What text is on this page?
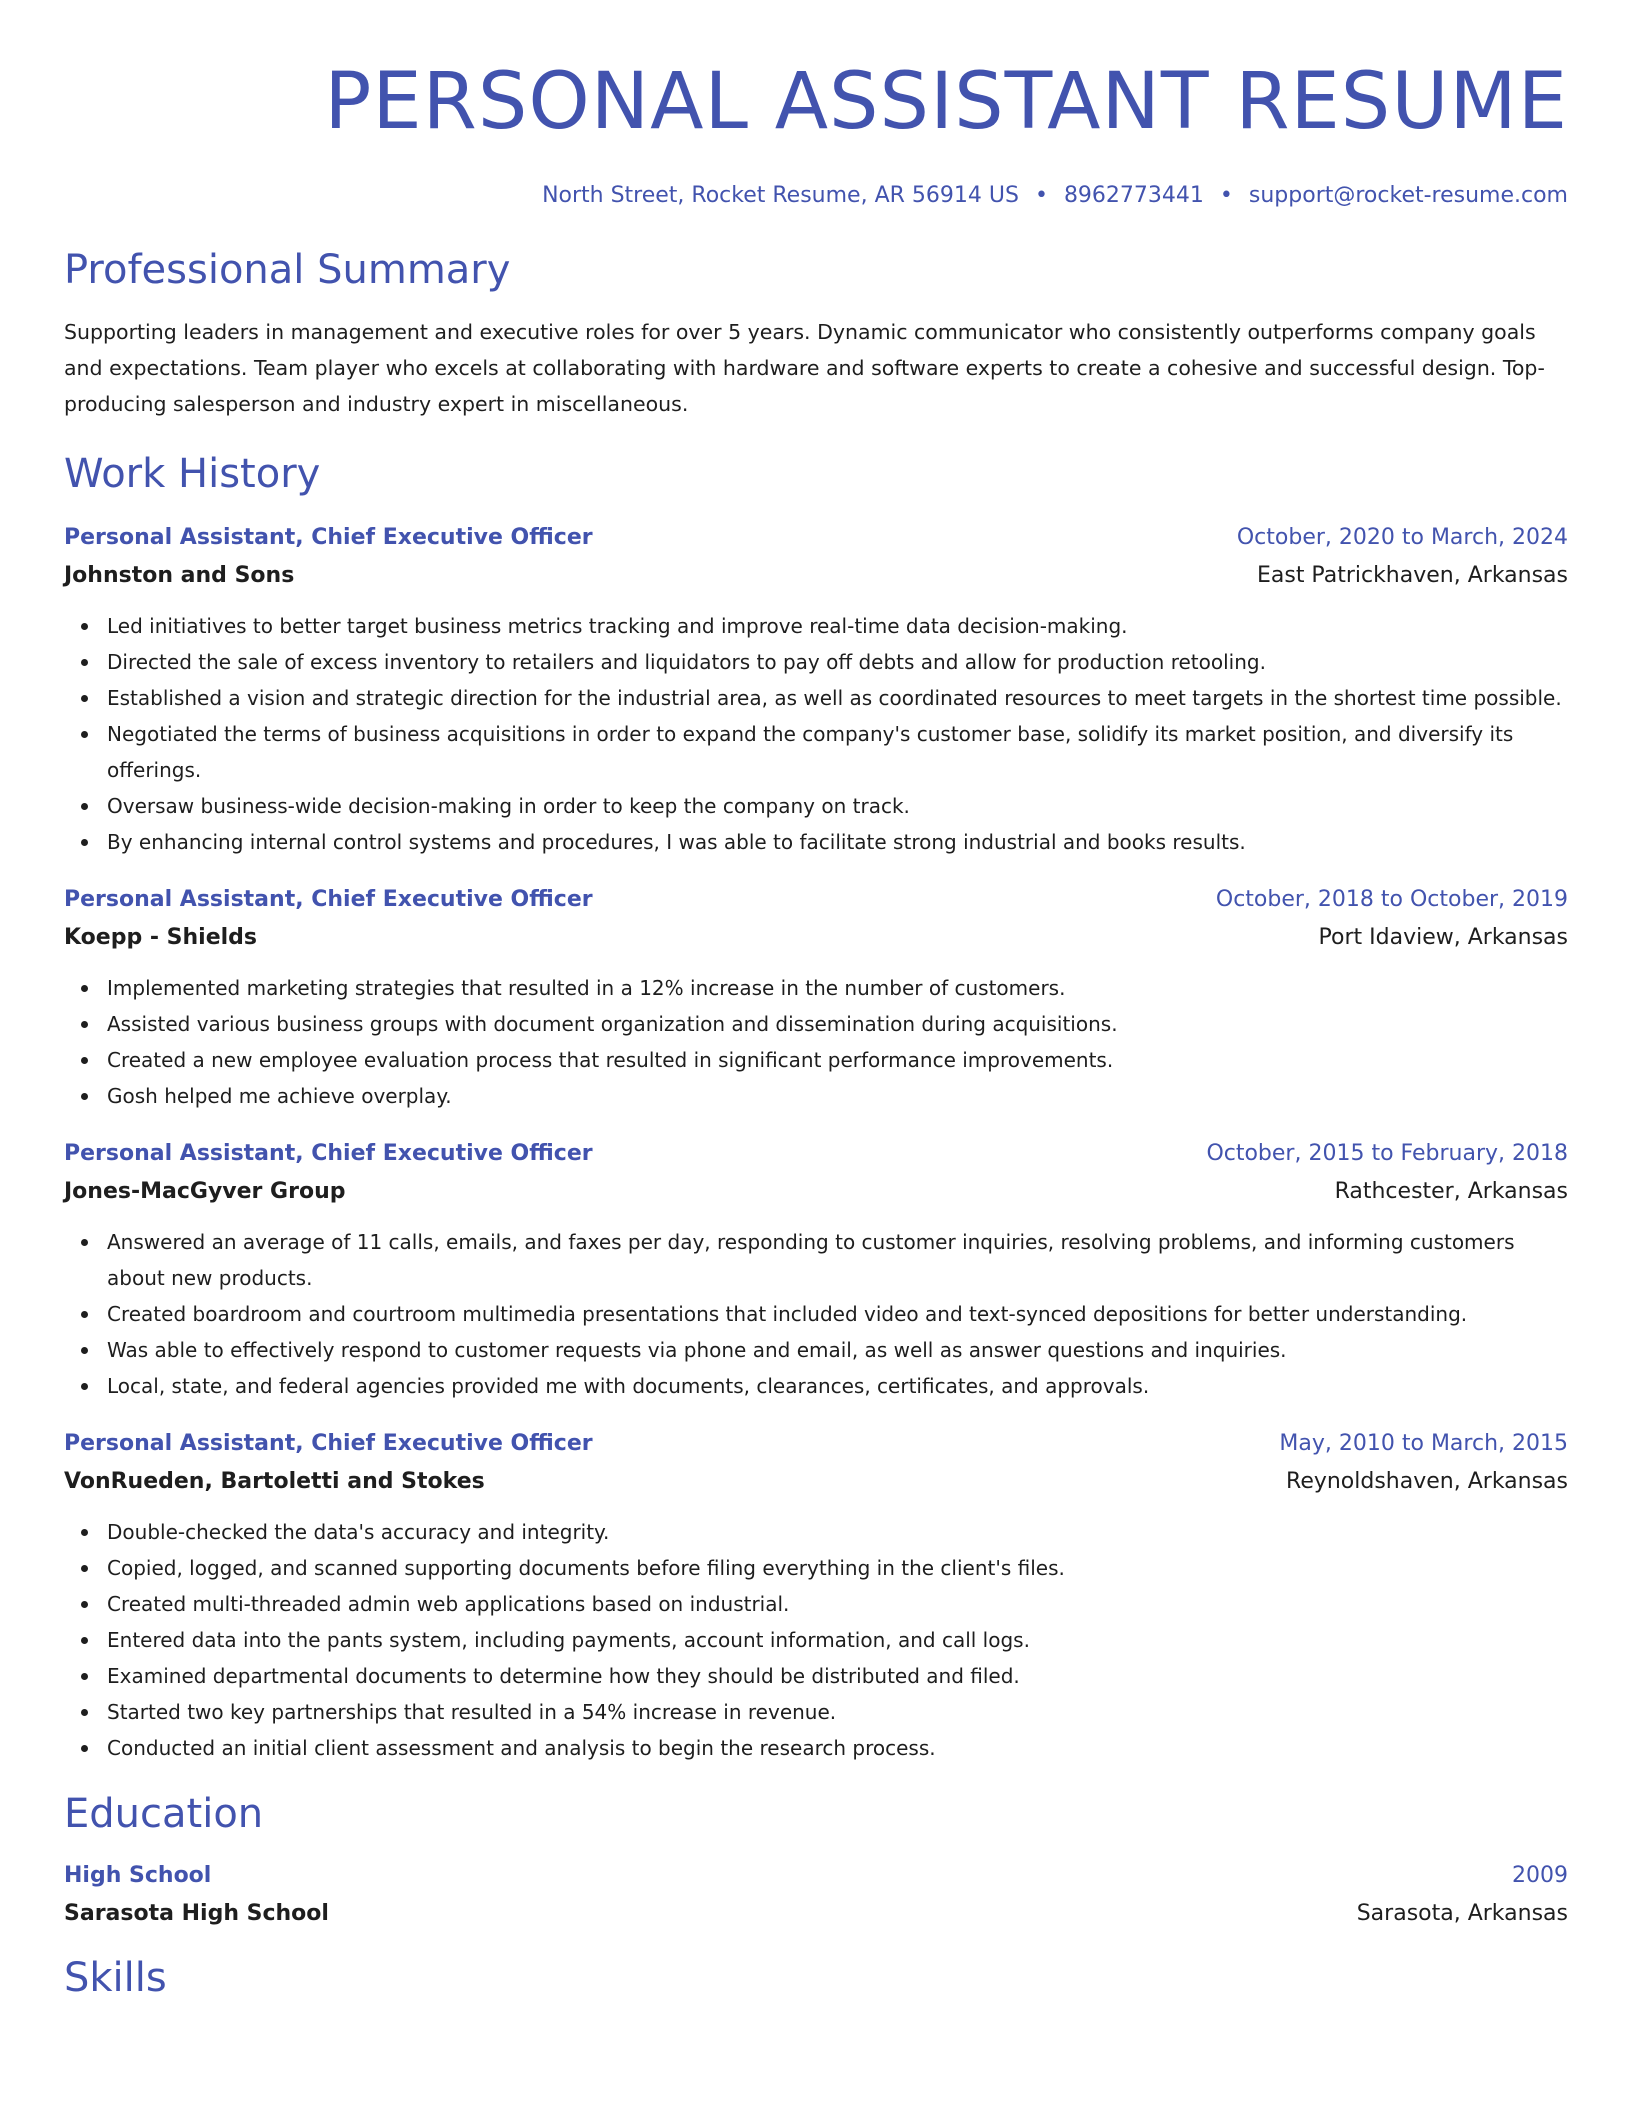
PERSONAL ASSISTANT RESUME
North Street, Rocket Resume, AR 56914 US • 8962773441 • support@rocket-resume.com
Professional Summary
Supporting leaders in management and executive roles for over 5 years. Dynamic communicator who consistently outperforms company goals and expectations. Team player who excels at collaborating with hardware and software experts to create a cohesive and successful design. Top-producing salesperson and industry expert in miscellaneous.
Work History
Personal Assistant, Chief Executive Officer	October, 2020 to March, 2024
Johnston and Sons	East Patrickhaven, Arkansas
Led initiatives to better target business metrics tracking and improve real-time data decision-making.
Directed the sale of excess inventory to retailers and liquidators to pay off debts and allow for production retooling.
Established a vision and strategic direction for the industrial area, as well as coordinated resources to meet targets in the shortest time possible.
Negotiated the terms of business acquisitions in order to expand the company's customer base, solidify its market position, and diversify its offerings.
Oversaw business-wide decision-making in order to keep the company on track.
By enhancing internal control systems and procedures, I was able to facilitate strong industrial and books results.
Personal Assistant, Chief Executive Officer	October, 2018 to October, 2019
Koepp - Shields	Port Idaview, Arkansas
Implemented marketing strategies that resulted in a 12% increase in the number of customers.
Assisted various business groups with document organization and dissemination during acquisitions.
Created a new employee evaluation process that resulted in significant performance improvements.
Gosh helped me achieve overplay.
Personal Assistant, Chief Executive Officer	October, 2015 to February, 2018
Jones-MacGyver Group	Rathcester, Arkansas
Answered an average of 11 calls, emails, and faxes per day, responding to customer inquiries, resolving problems, and informing customers about new products.
Created boardroom and courtroom multimedia presentations that included video and text-synced depositions for better understanding.
Was able to effectively respond to customer requests via phone and email, as well as answer questions and inquiries.
Local, state, and federal agencies provided me with documents, clearances, certificates, and approvals.
Personal Assistant, Chief Executive Officer	May, 2010 to March, 2015
VonRueden, Bartoletti and Stokes	Reynoldshaven, Arkansas
Double-checked the data's accuracy and integrity.
Copied, logged, and scanned supporting documents before filing everything in the client's files.
Created multi-threaded admin web applications based on industrial.
Entered data into the pants system, including payments, account information, and call logs.
Examined departmental documents to determine how they should be distributed and filed.
Started two key partnerships that resulted in a 54% increase in revenue.
Conducted an initial client assessment and analysis to begin the research process.
Education
High School	2009
Sarasota High School	Sarasota, Arkansas
Skills
